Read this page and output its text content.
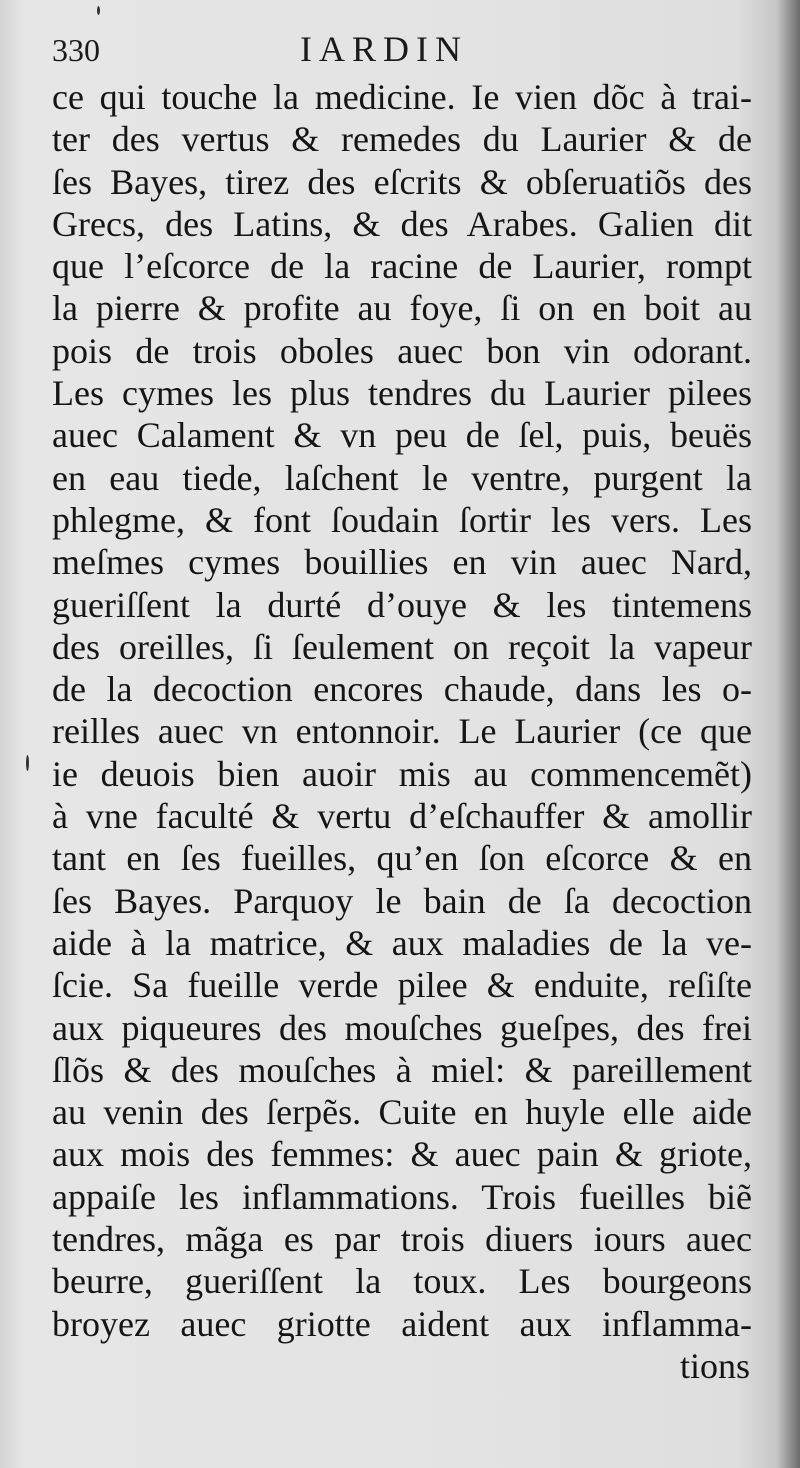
330	IARDIN
ce qui touche la medicine. Ie vien dõc à trai-
ter des vertus & remedes du Laurier & de
ſes Bayes, tirez des eſcrits & obſeruatiõs des
Grecs, des Latins, & des Arabes. Galien dit
que l’eſcorce de la racine de Laurier, rompt
la pierre & profite au foye, ſi on en boit au
pois de trois oboles auec bon vin odorant.
Les cymes les plus tendres du Laurier pilees
auec Calament & vn peu de ſel, puis, beuës
en eau tiede, laſchent le ventre, purgent la
phlegme, & font ſoudain ſortir les vers. Les
meſmes cymes bouillies en vin auec Nard,
gueriſſent la durté d’ouye & les tintemens
des oreilles, ſi ſeulement on reçoit la vapeur
de la decoction encores chaude, dans les o-
reilles auec vn entonnoir. Le Laurier (ce que
ie deuois bien auoir mis au commencemẽt)
à vne faculté & vertu d’eſchauffer & amollir
tant en ſes fueilles, qu’en ſon eſcorce & en
ſes Bayes. Parquoy le bain de ſa decoction
aide à la matrice, & aux maladies de la ve-
ſcie. Sa fueille verde pilee & enduite, reſiſte
aux piqueures des mouſches gueſpes, des frei
ſlõs & des mouſches à miel: & pareillement
au venin des ſerpẽs. Cuite en huyle elle aide
aux mois des femmes: & auec pain & griote,
appaiſe les inflammations. Trois fueilles biẽ
tendres, mãga es par trois diuers iours auec
beurre, gueriſſent la toux. Les bourgeons
broyez auec griotte aident aux inflamma-
tions
